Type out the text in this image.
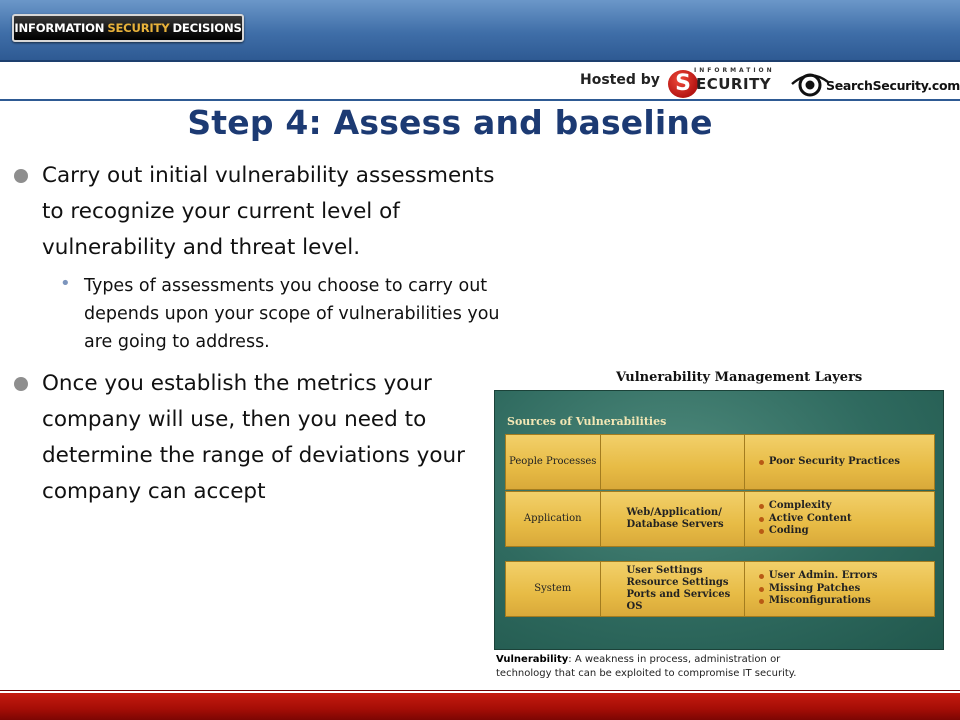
INFORMATION SECURITY DECISIONS
Hosted by
INFORMATION
S ECURITY	SearchSecurity.com
Step 4: Assess and baseline
Carry out initial vulnerability assessments to recognize your current level of vulnerability and threat level.
• Types of assessments you choose to carry out depends upon your scope of vulnerabilities you are going to address.
Once you establish the metrics your company will use, then you need to determine the range of deviations your company can accept
Vulnerability Management Layers
Sources of Vulnerabilities
People Processes	Poor Security Practices
Application
Web/Application/
Database Servers
Complexity
Active Content
Coding
System
User Settings
Resource Settings
Ports and Services
OS
User Admin. Errors
Missing Patches
Misconfigurations
Vulnerability: A weakness in process, administration or technology that can be exploited to compromise IT security.
